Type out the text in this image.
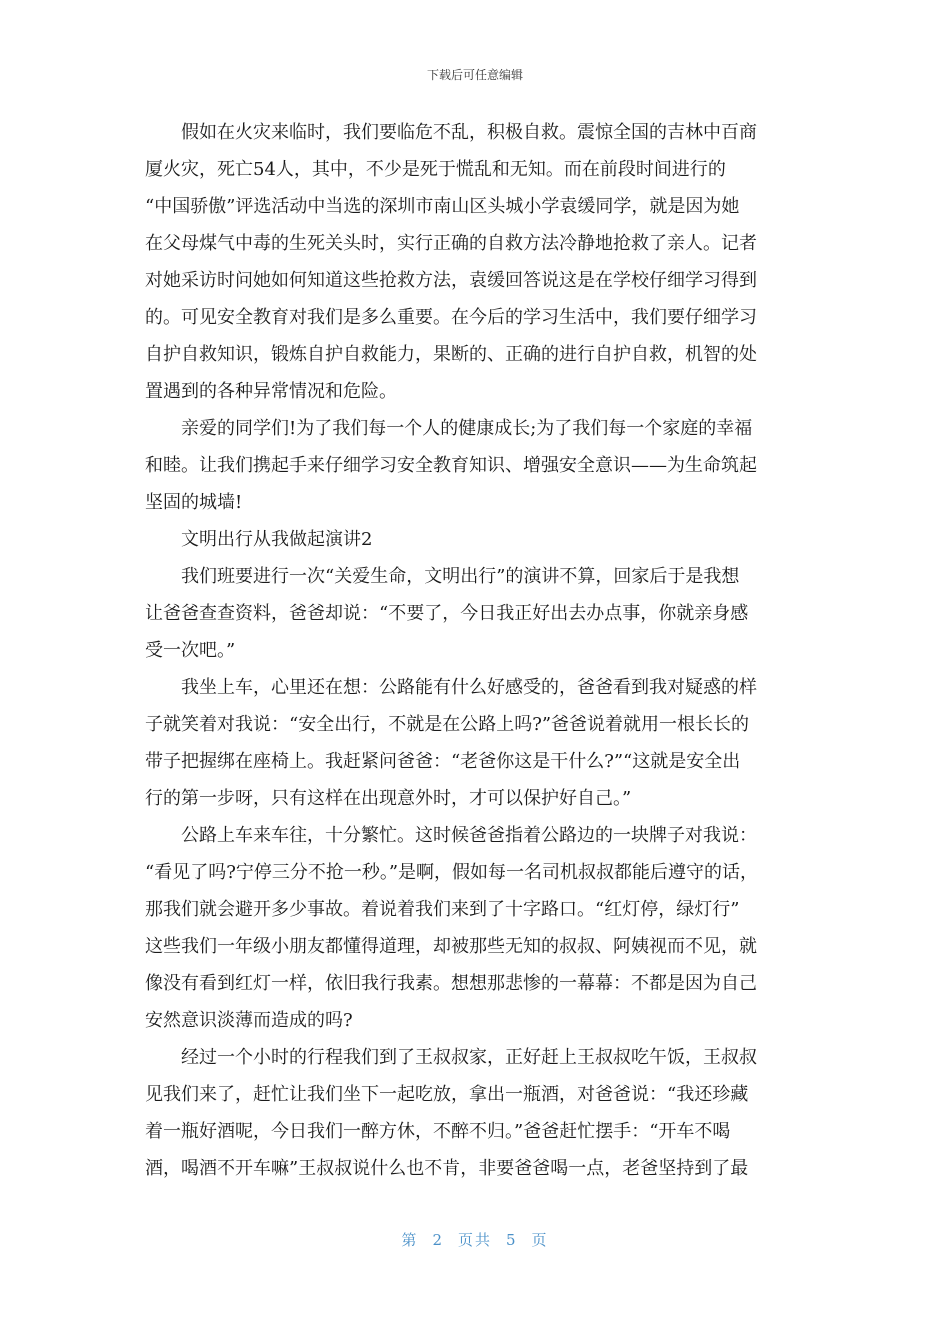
下载后可任意编辑
假如在火灾来临时，我们要临危不乱，积极自救。震惊全国的吉林中百商
厦火灾，死亡54人，其中，不少是死于慌乱和无知。而在前段时间进行的
“中国骄傲”评选活动中当选的深圳市南山区头城小学袁缓同学，就是因为她
在父母煤气中毒的生死关头时，实行正确的自救方法冷静地抢救了亲人。记者
对她采访时问她如何知道这些抢救方法，袁缓回答说这是在学校仔细学习得到
的。可见安全教育对我们是多么重要。在今后的学习生活中，我们要仔细学习
自护自救知识，锻炼自护自救能力，果断的、正确的进行自护自救，机智的处
置遇到的各种异常情况和危险。
亲爱的同学们!为了我们每一个人的健康成长;为了我们每一个家庭的幸福
和睦。让我们携起手来仔细学习安全教育知识、增强安全意识——为生命筑起
坚固的城墙!
文明出行从我做起演讲2
我们班要进行一次“关爱生命，文明出行”的演讲不算，回家后于是我想
让爸爸查查资料，爸爸却说：“不要了，今日我正好出去办点事，你就亲身感
受一次吧。”
我坐上车，心里还在想：公路能有什么好感受的，爸爸看到我对疑惑的样
子就笑着对我说：“安全出行，不就是在公路上吗?”爸爸说着就用一根长长的
带子把握绑在座椅上。我赶紧问爸爸：“老爸你这是干什么?”“这就是安全出
行的第一步呀，只有这样在出现意外时，才可以保护好自己。”
公路上车来车往，十分繁忙。这时候爸爸指着公路边的一块牌子对我说：
“看见了吗?宁停三分不抢一秒。”是啊，假如每一名司机叔叔都能后遵守的话，
那我们就会避开多少事故。着说着我们来到了十字路口。“红灯停，绿灯行”
这些我们一年级小朋友都懂得道理，却被那些无知的叔叔、阿姨视而不见，就
像没有看到红灯一样，依旧我行我素。想想那悲惨的一幕幕：不都是因为自己
安然意识淡薄而造成的吗?
经过一个小时的行程我们到了王叔叔家，正好赶上王叔叔吃午饭，王叔叔
见我们来了，赶忙让我们坐下一起吃放，拿出一瓶酒，对爸爸说：“我还珍藏
着一瓶好酒呢，今日我们一醉方休，不醉不归。”爸爸赶忙摆手：“开车不喝
酒，喝酒不开车嘛”王叔叔说什么也不肯，非要爸爸喝一点，老爸坚持到了最
第 2 页共 5 页
